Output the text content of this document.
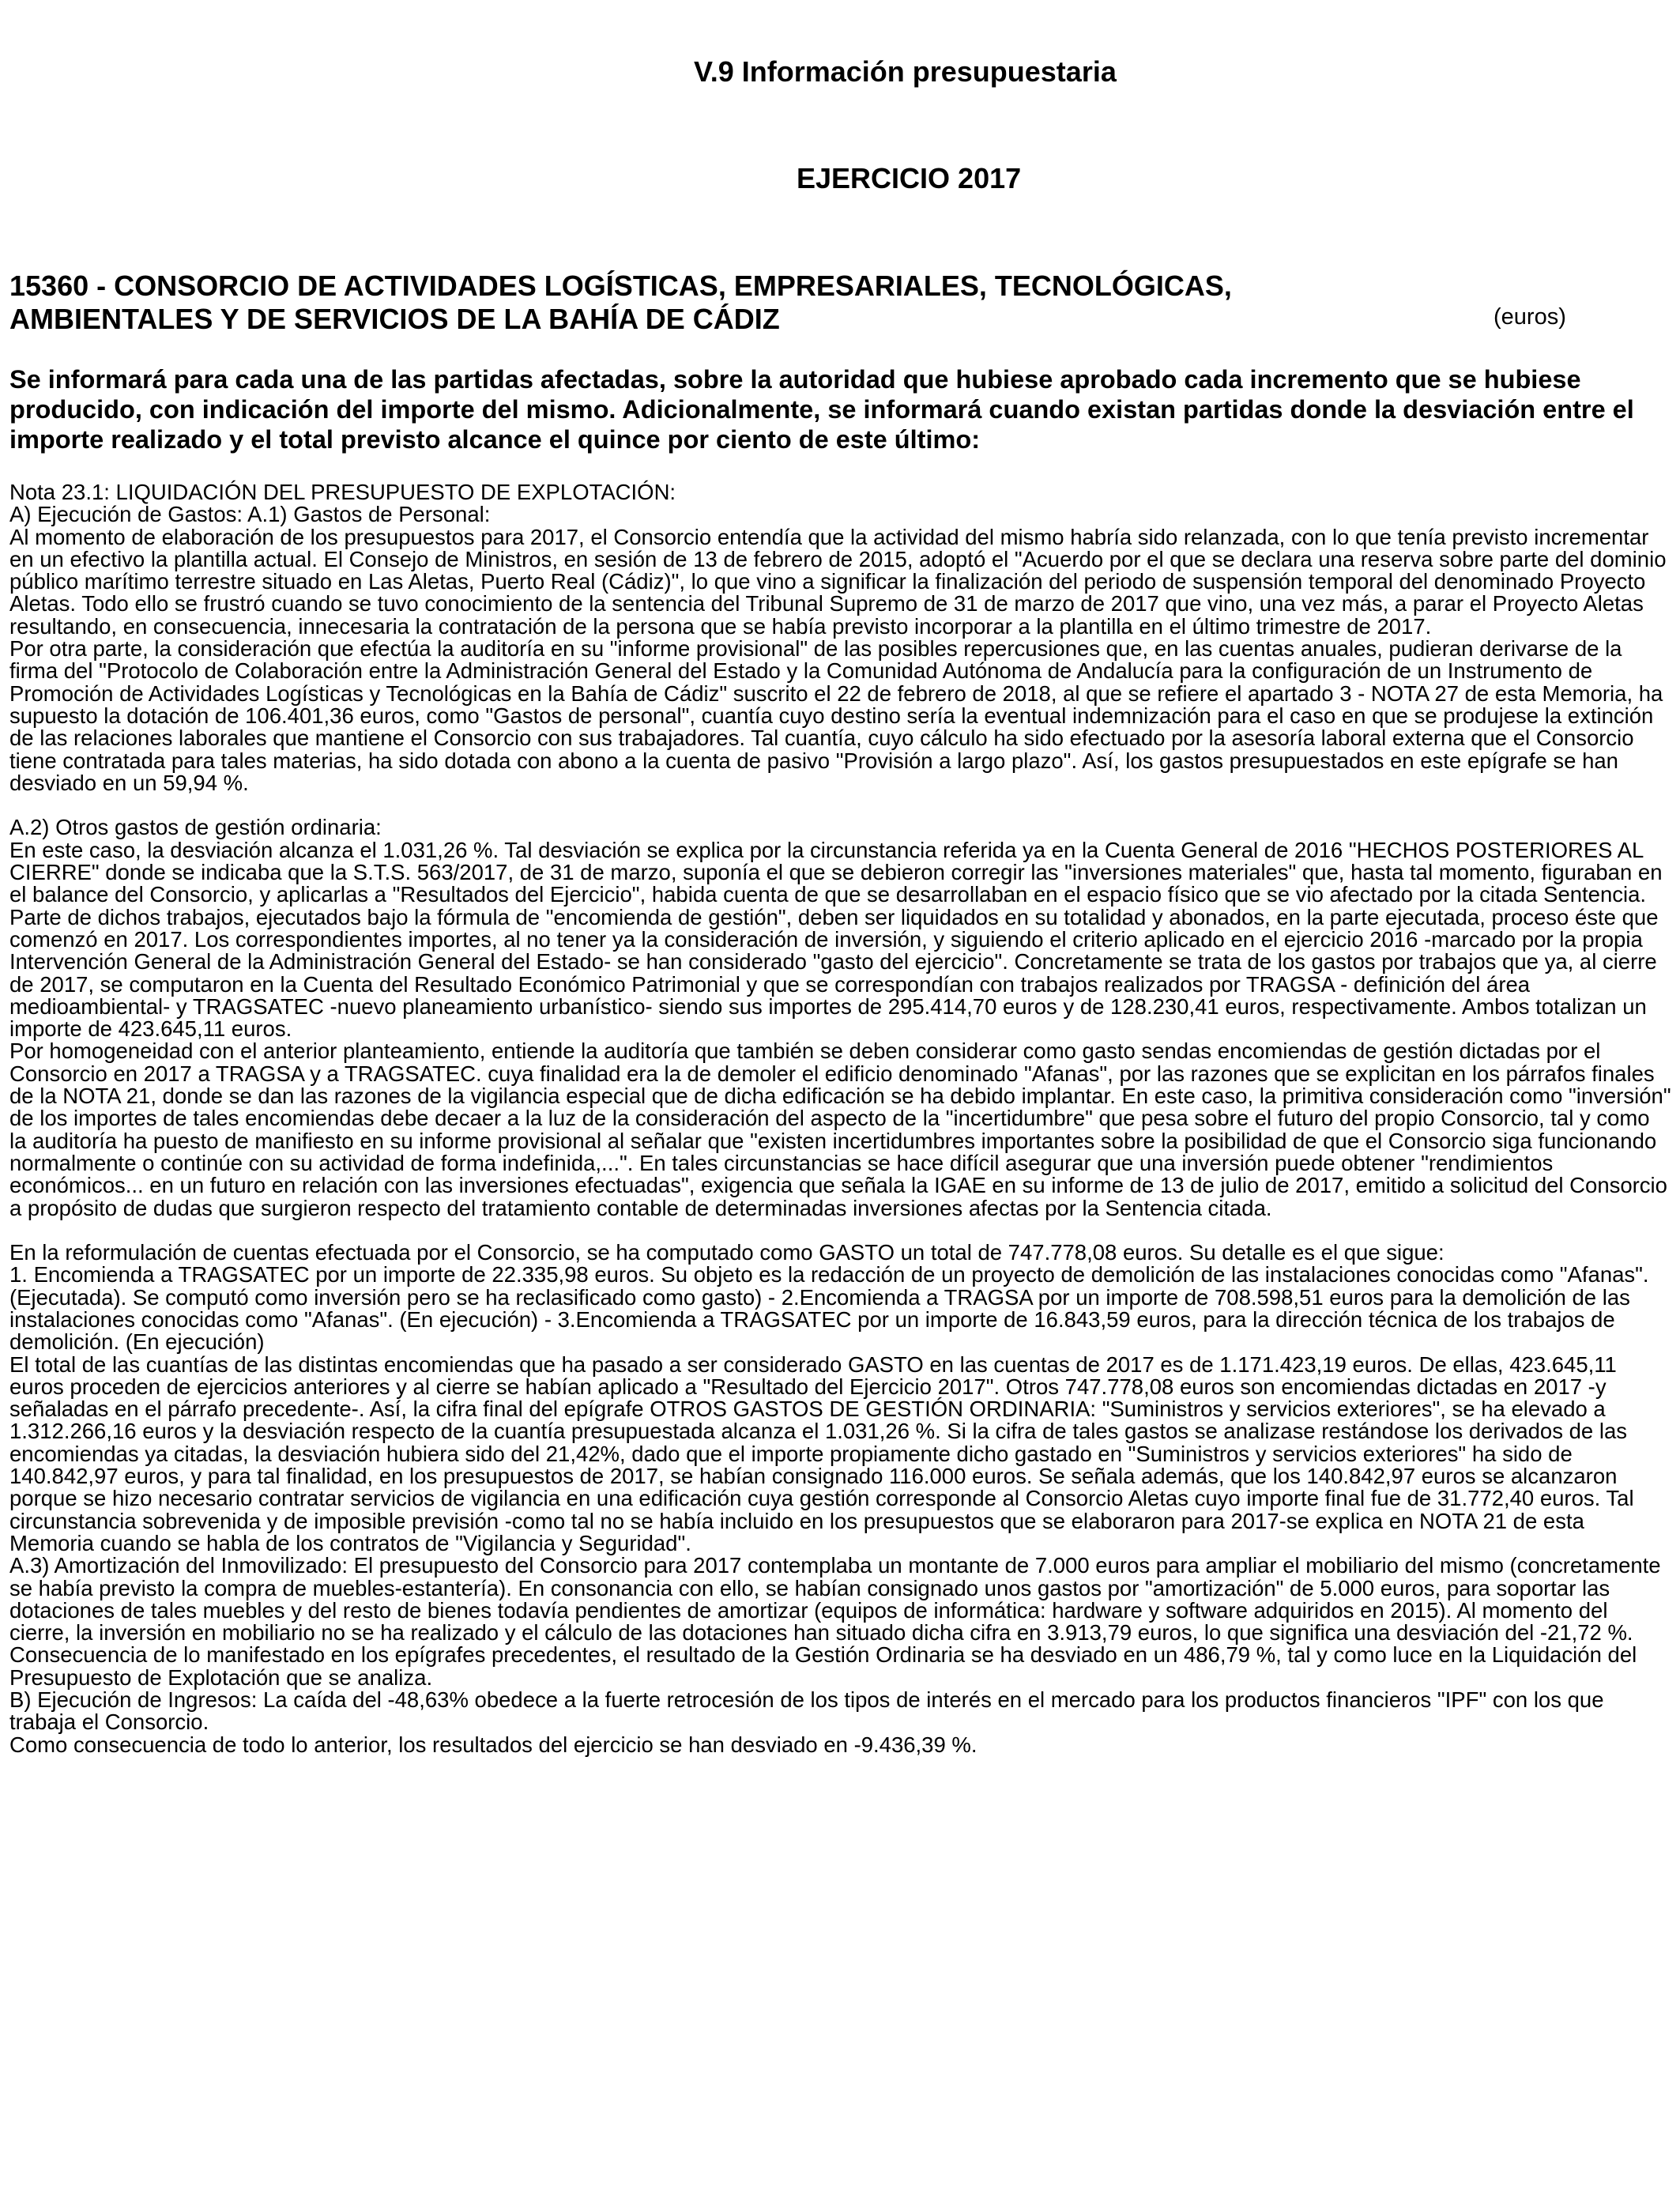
V.9 Información presupuestaria
EJERCICIO 2017
15360 - CONSORCIO DE ACTIVIDADES LOGÍSTICAS, EMPRESARIALES, TECNOLÓGICAS,
AMBIENTALES Y DE SERVICIOS DE LA BAHÍA DE CÁDIZ	(euros)
Se informará para cada una de las partidas afectadas, sobre la autoridad que hubiese aprobado cada incremento que se hubiese producido, con indicación del importe del mismo. Adicionalmente, se informará cuando existan partidas donde la desviación entre el importe realizado y el total previsto alcance el quince por ciento de este último:

Nota 23.1: LIQUIDACIÓN DEL PRESUPUESTO DE EXPLOTACIÓN:

A) Ejecución de Gastos: A.1) Gastos de Personal:

Al momento de elaboración de los presupuestos para 2017, el Consorcio entendía que la actividad del mismo habría sido relanzada, con lo que tenía previsto incrementar en un efectivo la plantilla actual. El Consejo de Ministros, en sesión de 13 de febrero de 2015, adoptó el "Acuerdo por el que se declara una reserva sobre parte del dominio público marítimo terrestre situado en Las Aletas, Puerto Real (Cádiz)", lo que vino a significar la finalización del periodo de suspensión temporal del denominado Proyecto Aletas. Todo ello se frustró cuando se tuvo conocimiento de la sentencia del Tribunal Supremo de 31 de marzo de 2017 que vino, una vez más, a parar el Proyecto Aletas resultando, en consecuencia, innecesaria la contratación de la persona que se había previsto incorporar a la plantilla en el último trimestre de 2017.

Por otra parte, la consideración que efectúa la auditoría en su "informe provisional" de las posibles repercusiones que, en las cuentas anuales, pudieran derivarse de la firma del "Protocolo de Colaboración entre la Administración General del Estado y la Comunidad Autónoma de Andalucía para la configuración de un Instrumento de Promoción de Actividades Logísticas y Tecnológicas en la Bahía de Cádiz" suscrito el 22 de febrero de 2018, al que se refiere el apartado 3 - NOTA 27 de esta Memoria, ha supuesto la dotación de 106.401,36 euros, como "Gastos de personal", cuantía cuyo destino sería la eventual indemnización para el caso en que se produjese la extinción de las relaciones laborales que mantiene el Consorcio con sus trabajadores. Tal cuantía, cuyo cálculo ha sido efectuado por la asesoría laboral externa que el Consorcio tiene contratada para tales materias, ha sido dotada con abono a la cuenta de pasivo "Provisión a largo plazo". Así, los gastos presupuestados en este epígrafe se han desviado en un 59,94 %.

A.2) Otros gastos de gestión ordinaria:

En este caso, la desviación alcanza el 1.031,26 %. Tal desviación se explica por la circunstancia referida ya en la Cuenta General de 2016 "HECHOS POSTERIORES AL CIERRE" donde se indicaba que la S.T.S. 563/2017, de 31 de marzo, suponía el que se debieron corregir las "inversiones materiales" que, hasta tal momento, figuraban en el balance del Consorcio, y aplicarlas a "Resultados del Ejercicio", habida cuenta de que se desarrollaban en el espacio físico que se vio afectado por la citada Sentencia. Parte de dichos trabajos, ejecutados bajo la fórmula de "encomienda de gestión", deben ser liquidados en su totalidad y abonados, en la parte ejecutada, proceso éste que comenzó en 2017. Los correspondientes importes, al no tener ya la consideración de inversión, y siguiendo el criterio aplicado en el ejercicio 2016 -marcado por la propia Intervención General de la Administración General del Estado- se han considerado "gasto del ejercicio". Concretamente se trata de los gastos por trabajos que ya, al cierre de 2017, se computaron en la Cuenta del Resultado Económico Patrimonial y que se correspondían con trabajos realizados por TRAGSA - definición del área medioambiental- y TRAGSATEC -nuevo planeamiento urbanístico- siendo sus importes de 295.414,70 euros y de 128.230,41 euros, respectivamente. Ambos totalizan un importe de 423.645,11 euros.

Por homogeneidad con el anterior planteamiento, entiende la auditoría que también se deben considerar como gasto sendas encomiendas de gestión dictadas por el Consorcio en 2017 a TRAGSA y a TRAGSATEC. cuya finalidad era la de demoler el edificio denominado "Afanas", por las razones que se explicitan en los párrafos finales de la NOTA 21, donde se dan las razones de la vigilancia especial que de dicha edificación se ha debido implantar. En este caso, la primitiva consideración como "inversión" de los importes de tales encomiendas debe decaer a la luz de la consideración del aspecto de la "incertidumbre" que pesa sobre el futuro del propio Consorcio, tal y como la auditoría ha puesto de manifiesto en su informe provisional al señalar que "existen incertidumbres importantes sobre la posibilidad de que el Consorcio siga funcionando normalmente o continúe con su actividad de forma indefinida,...". En tales circunstancias se hace difícil asegurar que una inversión puede obtener "rendimientos económicos... en un futuro en relación con las inversiones efectuadas", exigencia que señala la IGAE en su informe de 13 de julio de 2017, emitido a solicitud del Consorcio a propósito de dudas que surgieron respecto del tratamiento contable de determinadas inversiones afectas por la Sentencia citada.

En la reformulación de cuentas efectuada por el Consorcio, se ha computado como GASTO un total de 747.778,08 euros. Su detalle es el que sigue:

1. Encomienda a TRAGSATEC por un importe de 22.335,98 euros. Su objeto es la redacción de un proyecto de demolición de las instalaciones conocidas como "Afanas". (Ejecutada). Se computó como inversión pero se ha reclasificado como gasto) - 2.Encomienda a TRAGSA por un importe de 708.598,51 euros para la demolición de las instalaciones conocidas como "Afanas". (En ejecución) - 3.Encomienda a TRAGSATEC por un importe de 16.843,59 euros, para la dirección técnica de los trabajos de demolición. (En ejecución)

El total de las cuantías de las distintas encomiendas que ha pasado a ser considerado GASTO en las cuentas de 2017 es de 1.171.423,19 euros. De ellas, 423.645,11 euros proceden de ejercicios anteriores y al cierre se habían aplicado a "Resultado del Ejercicio 2017". Otros 747.778,08 euros son encomiendas dictadas en 2017 -y señaladas en el párrafo precedente-. Así, la cifra final del epígrafe OTROS GASTOS DE GESTIÓN ORDINARIA: "Suministros y servicios exteriores", se ha elevado a 1.312.266,16 euros y la desviación respecto de la cuantía presupuestada alcanza el 1.031,26 %. Si la cifra de tales gastos se analizase restándose los derivados de las encomiendas ya citadas, la desviación hubiera sido del 21,42%, dado que el importe propiamente dicho gastado en "Suministros y servicios exteriores" ha sido de 140.842,97 euros, y para tal finalidad, en los presupuestos de 2017, se habían consignado 116.000 euros. Se señala además, que los 140.842,97 euros se alcanzaron porque se hizo necesario contratar servicios de vigilancia en una edificación cuya gestión corresponde al Consorcio Aletas cuyo importe final fue de 31.772,40 euros. Tal circunstancia sobrevenida y de imposible previsión -como tal no se había incluido en los presupuestos que se elaboraron para 2017-se explica en NOTA 21 de esta Memoria cuando se habla de los contratos de "Vigilancia y Seguridad".

A.3) Amortización del Inmovilizado: El presupuesto del Consorcio para 2017 contemplaba un montante de 7.000 euros para ampliar el mobiliario del mismo (concretamente se había previsto la compra de muebles-estantería). En consonancia con ello, se habían consignado unos gastos por "amortización" de 5.000 euros, para soportar las dotaciones de tales muebles y del resto de bienes todavía pendientes de amortizar (equipos de informática: hardware y software adquiridos en 2015). Al momento del cierre, la inversión en mobiliario no se ha realizado y el cálculo de las dotaciones han situado dicha cifra en 3.913,79 euros, lo que significa una desviación del -21,72 %. Consecuencia de lo manifestado en los epígrafes precedentes, el resultado de la Gestión Ordinaria se ha desviado en un 486,79 %, tal y como luce en la Liquidación del Presupuesto de Explotación que se analiza.

B) Ejecución de Ingresos: La caída del -48,63% obedece a la fuerte retrocesión de los tipos de interés en el mercado para los productos financieros "IPF" con los que trabaja el Consorcio.

Como consecuencia de todo lo anterior, los resultados del ejercicio se han desviado en -9.436,39 %.
